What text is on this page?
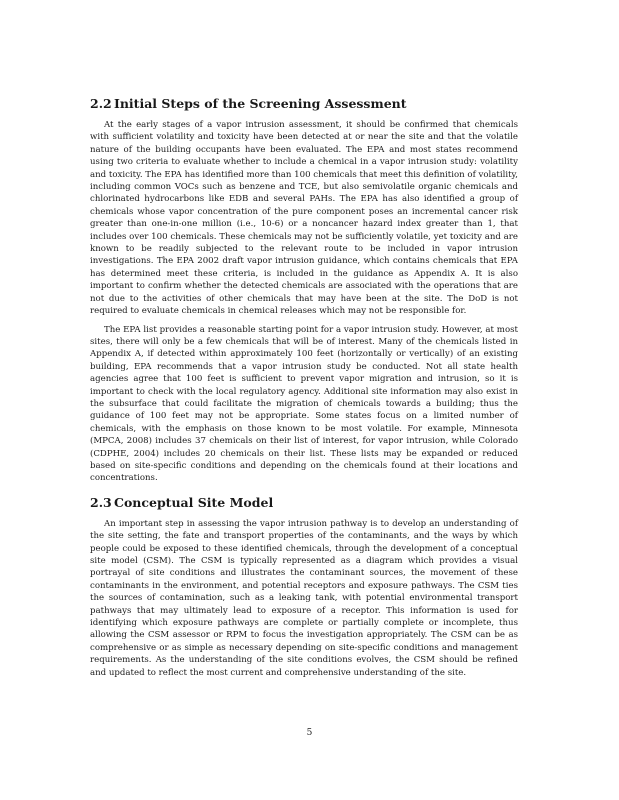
2.2 Initial Steps of the Screening Assessment

At the early stages of a vapor intrusion assessment, it should be confirmed that chemicals with sufficient volatility and toxicity have been detected at or near the site and that the volatile nature of the building occupants have been evaluated. The EPA and most states recommend using two criteria to evaluate whether to include a chemical in a vapor intrusion study: volatility and toxicity. The EPA has identified more than 100 chemicals that meet this definition of volatility, including common VOCs such as benzene and TCE, but also semivolatile organic chemicals and chlorinated hydrocarbons like EDB and several PAHs. The EPA has also identified a group of chemicals whose vapor concentration of the pure component poses an incremental cancer risk greater than one-in-one million (i.e., 10-6) or a noncancer hazard index greater than 1, that includes over 100 chemicals. These chemicals may not be sufficiently volatile, yet toxicity and are known to be readily subjected to the relevant route to be included in vapor intrusion investigations. The EPA 2002 draft vapor intrusion guidance, which contains chemicals that EPA has determined meet these criteria, is included in the guidance as Appendix A. It is also important to confirm whether the detected chemicals are associated with the operations that are not due to the activities of other chemicals that may have been at the site. The DoD is not required to evaluate chemicals in chemical releases which may not be responsible for.

The EPA list provides a reasonable starting point for a vapor intrusion study. However, at most sites, there will only be a few chemicals that will be of interest. Many of the chemicals listed in Appendix A, if detected within approximately 100 feet (horizontally or vertically) of an existing building, EPA recommends that a vapor intrusion study be conducted. Not all state health agencies agree that 100 feet is sufficient to prevent vapor migration and intrusion, so it is important to check with the local regulatory agency. Additional site information may also exist in the subsurface that could facilitate the migration of chemicals towards a building; thus the guidance of 100 feet may not be appropriate. Some states focus on a limited number of chemicals, with the emphasis on those known to be most volatile. For example, Minnesota (MPCA, 2008) includes 37 chemicals on their list of interest, for vapor intrusion, while Colorado (CDPHE, 2004) includes 20 chemicals on their list. These lists may be expanded or reduced based on site-specific conditions and depending on the chemicals found at their locations and concentrations.

2.3 Conceptual Site Model

An important step in assessing the vapor intrusion pathway is to develop an understanding of the site setting, the fate and transport properties of the contaminants, and the ways by which people could be exposed to these identified chemicals, through the development of a conceptual site model (CSM). The CSM is typically represented as a diagram which provides a visual portrayal of site conditions and illustrates the contaminant sources, the movement of these contaminants in the environment, and potential receptors and exposure pathways. The CSM ties the sources of contamination, such as a leaking tank, with potential environmental transport pathways that may ultimately lead to exposure of a receptor. This information is used for identifying which exposure pathways are complete or partially complete or incomplete, thus allowing the CSM assessor or RPM to focus the investigation appropriately. The CSM can be as comprehensive or as simple as necessary depending on site-specific conditions and management requirements. As the understanding of the site conditions evolves, the CSM should be refined and updated to reflect the most current and comprehensive understanding of the site.

5
